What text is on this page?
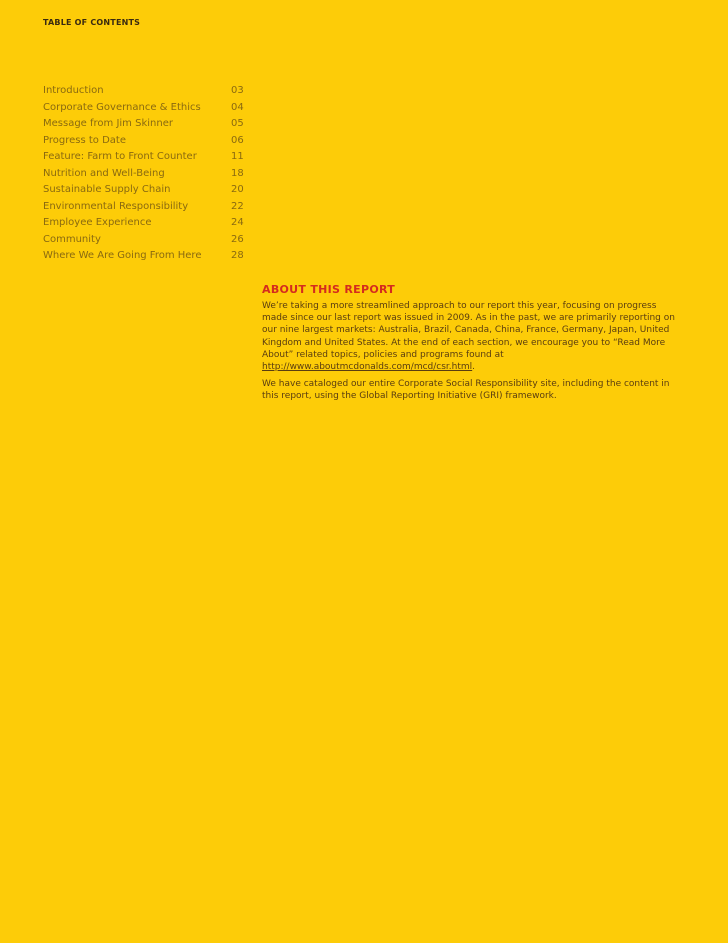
TABLE OF CONTENTS
Introduction	03
Corporate Governance & Ethics	04
Message from Jim Skinner	05
Progress to Date	06
Feature: Farm to Front Counter	11
Nutrition and Well-Being	18
Sustainable Supply Chain	20
Environmental Responsibility	22
Employee Experience	24
Community	26
Where We Are Going From Here	28
ABOUT THIS REPORT

We’re taking a more streamlined approach to our report this year, focusing on progress made since our last report was issued in 2009. As in the past, we are primarily reporting on our nine largest markets: Australia, Brazil, Canada, China, France, Germany, Japan, United Kingdom and United States. At the end of each section, we encourage you to “Read More About” related topics, policies and programs found at http://www.aboutmcdonalds.com/mcd/csr.html.

We have cataloged our entire Corporate Social Responsibility site, including the content in this report, using the Global Reporting Initiative (GRI) framework.
